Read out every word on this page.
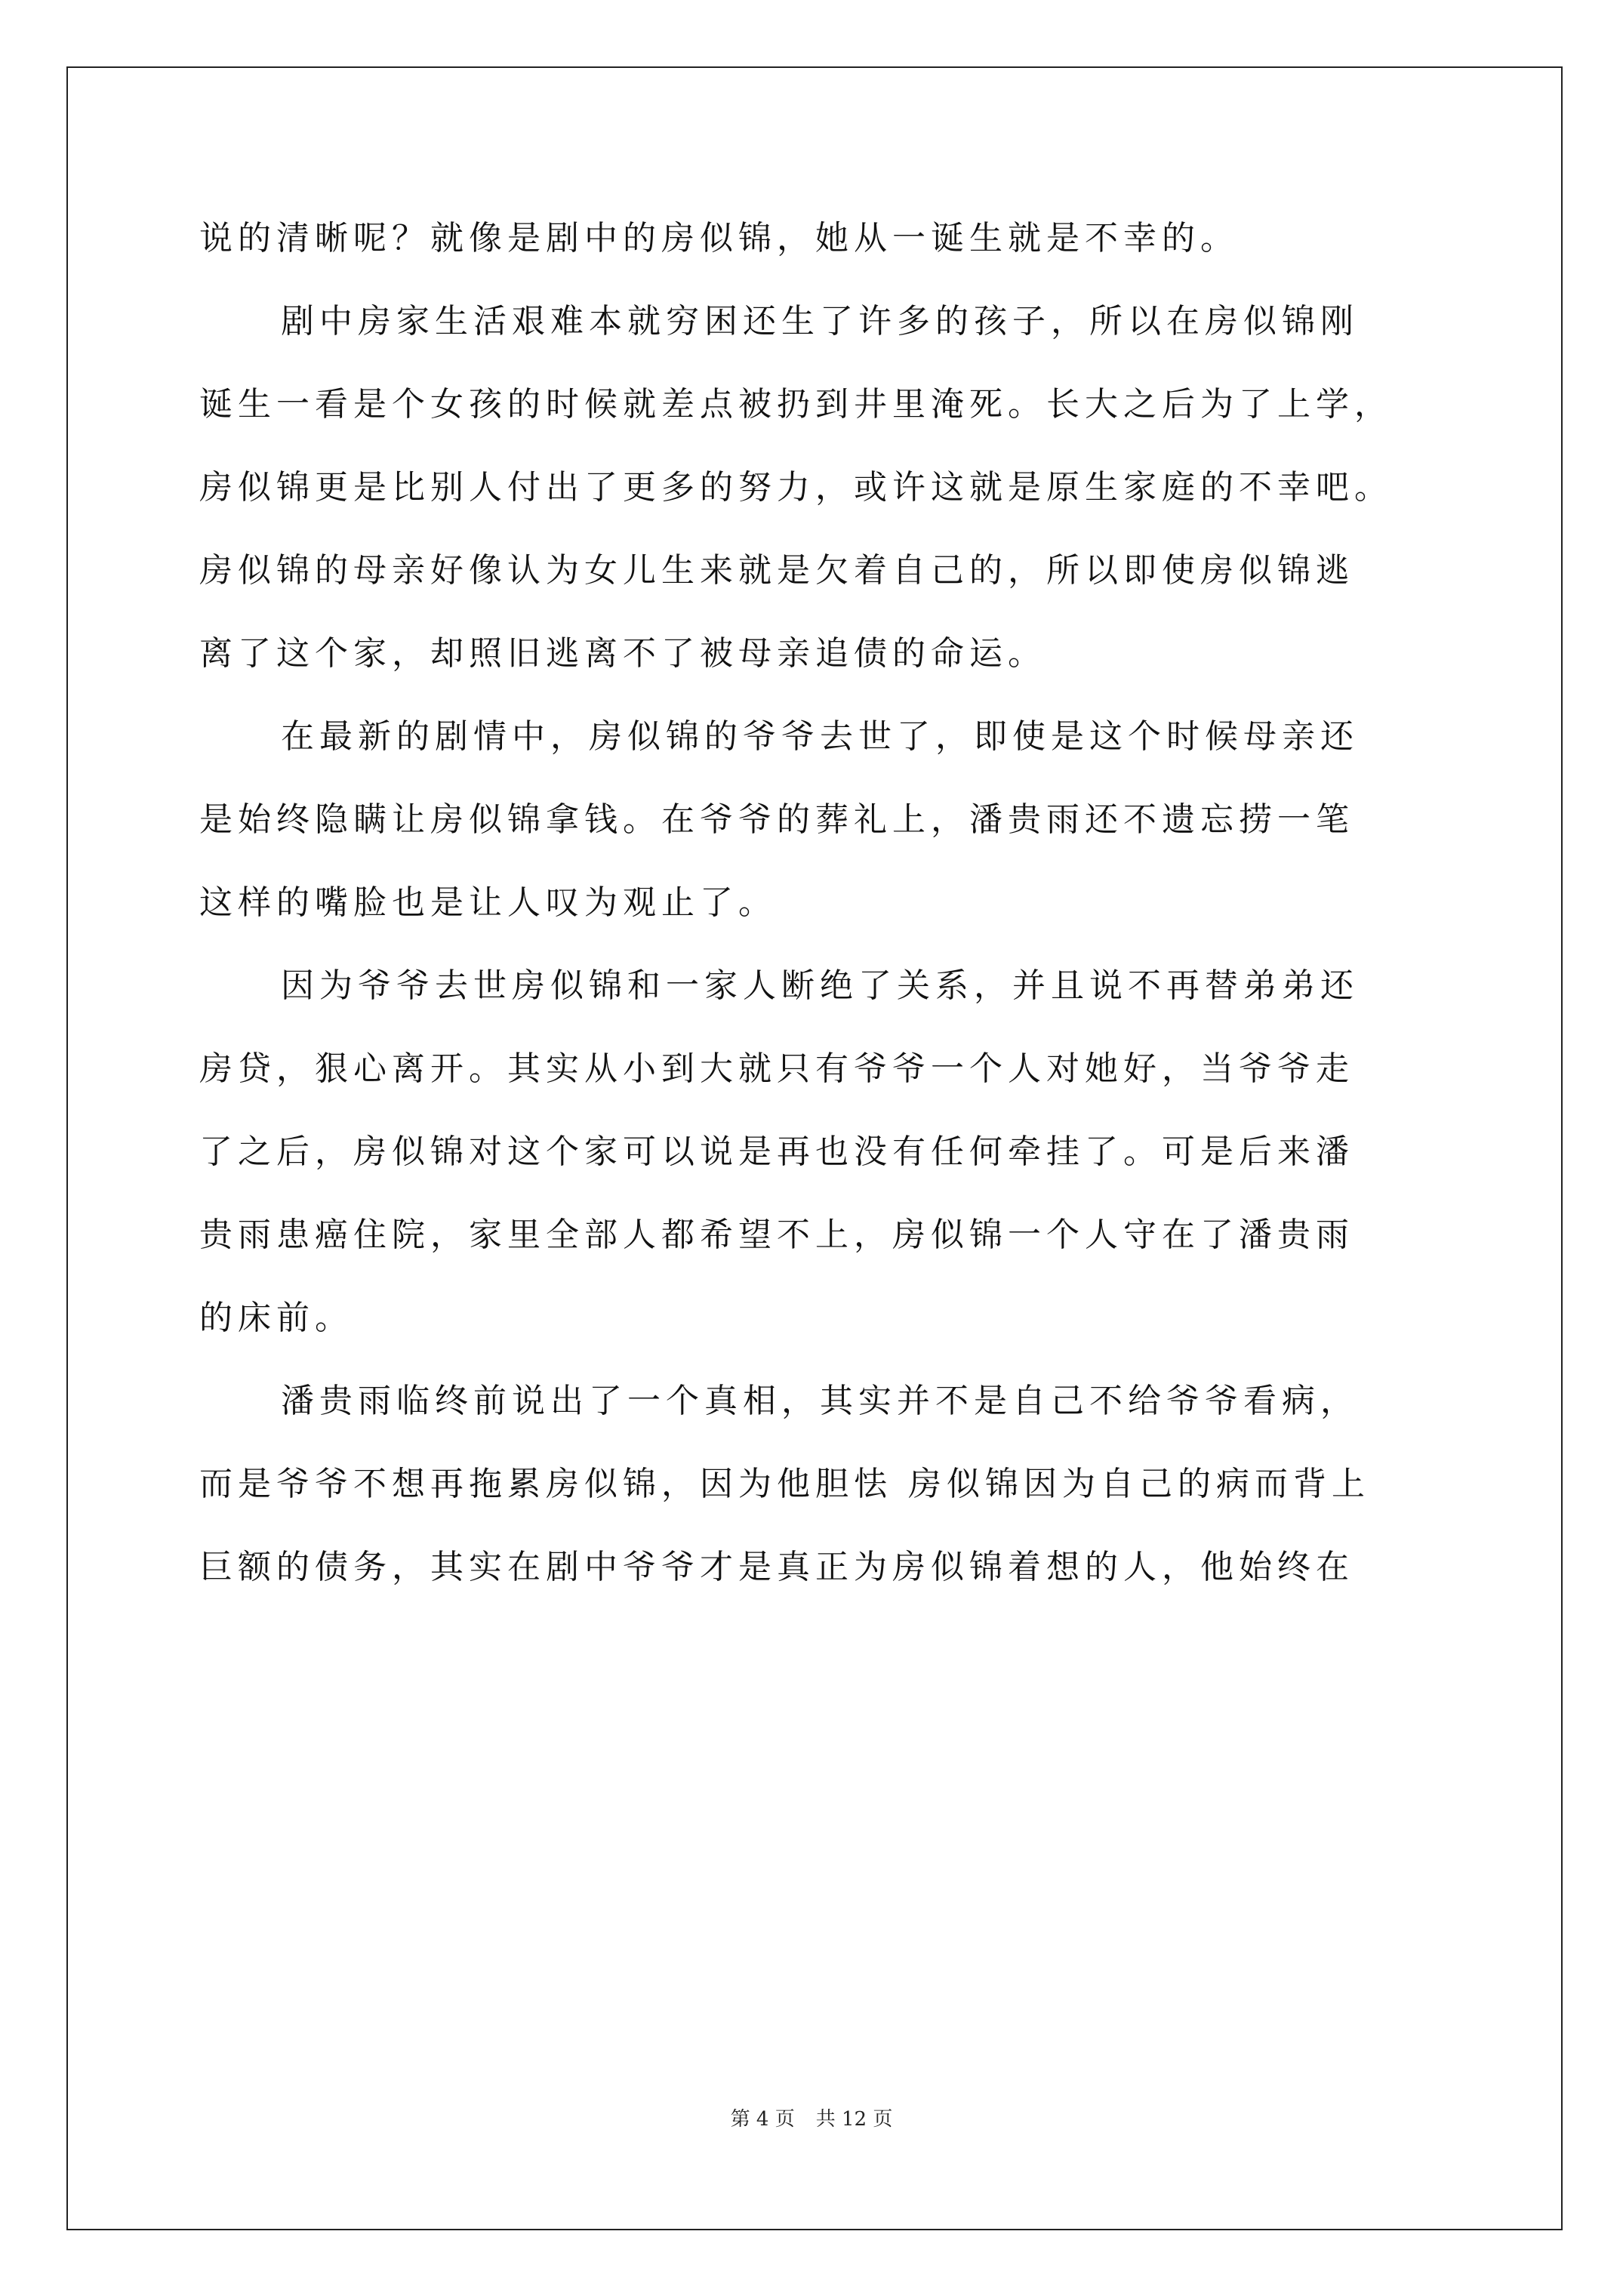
说的清晰呢？就像是剧中的房似锦，她从一诞生就是不幸的。
剧中房家生活艰难本就穷困还生了许多的孩子，所以在房似锦刚
诞生一看是个女孩的时候就差点被扔到井里淹死。长大之后为了上学，
房似锦更是比别人付出了更多的努力，或许这就是原生家庭的不幸吧。
房似锦的母亲好像认为女儿生来就是欠着自己的，所以即使房似锦逃
离了这个家，却照旧逃离不了被母亲追债的命运。
在最新的剧情中，房似锦的爷爷去世了，即使是这个时候母亲还
是始终隐瞒让房似锦拿钱。在爷爷的葬礼上，潘贵雨还不遗忘捞一笔
这样的嘴脸也是让人叹为观止了。
因为爷爷去世房似锦和一家人断绝了关系，并且说不再替弟弟还
房贷，狠心离开。其实从小到大就只有爷爷一个人对她好，当爷爷走
了之后，房似锦对这个家可以说是再也没有任何牵挂了。可是后来潘
贵雨患癌住院，家里全部人都希望不上，房似锦一个人守在了潘贵雨
的床前。
潘贵雨临终前说出了一个真相，其实并不是自己不给爷爷看病，
而是爷爷不想再拖累房似锦，因为他胆怯 房似锦因为自己的病而背上
巨额的债务，其实在剧中爷爷才是真正为房似锦着想的人，他始终在
第 4 页 共 12 页
